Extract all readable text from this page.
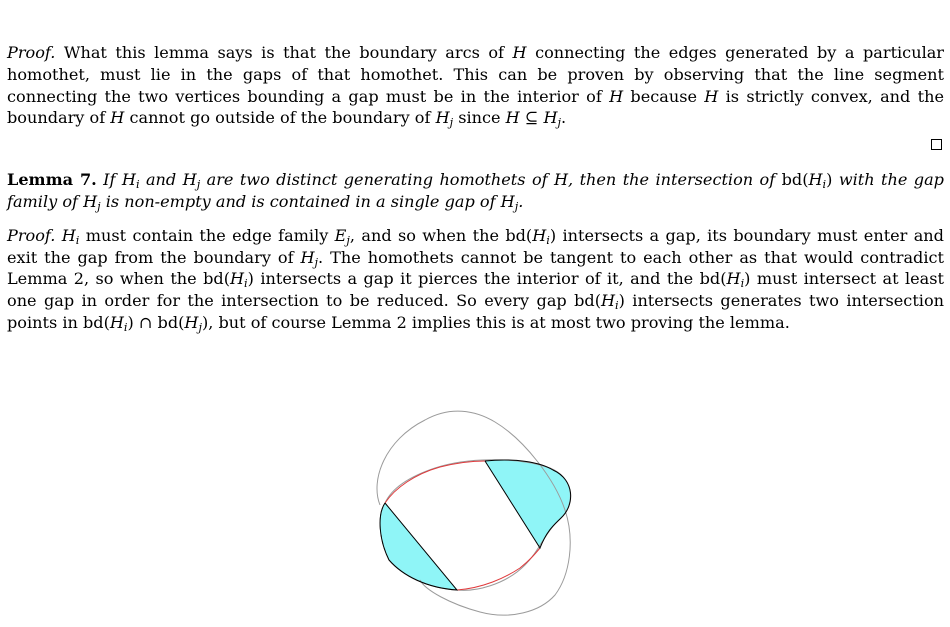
Proof. What this lemma says is that the boundary arcs of H connecting the edges generated by a particular homothet, must lie in the gaps of that homothet. This can be proven by observing that the line segment connecting the two vertices bounding a gap must be in the interior of H because H is strictly convex, and the boundary of H cannot go outside of the boundary of $H_j$ since H ⊆ $H_j$.

Lemma 7. If $H_i$ and $H_j$ are two distinct generating homothets of H, then the intersection of $bd(H_i)$ with the gap family of $H_j$ is non-empty and is contained in a single gap of $H_j$.

Proof. $H_i$ must contain the edge family $E_j$, and so when the $bd(H_i)$ intersects a gap, its boundary must enter and exit the gap from the boundary of $H_j$. The homothets cannot be tangent to each other as that would contradict Lemma 2, so when the $bd(H_i)$ intersects a gap it pierces the interior of it, and the $bd(H_i)$ must intersect at least one gap in order for the intersection to be reduced. So every gap $bd(H_i)$ intersects generates two intersection points in $bd(H_i)$ ∩ $bd(H_j)$, but of course Lemma 2 implies this is at most two proving the lemma.
